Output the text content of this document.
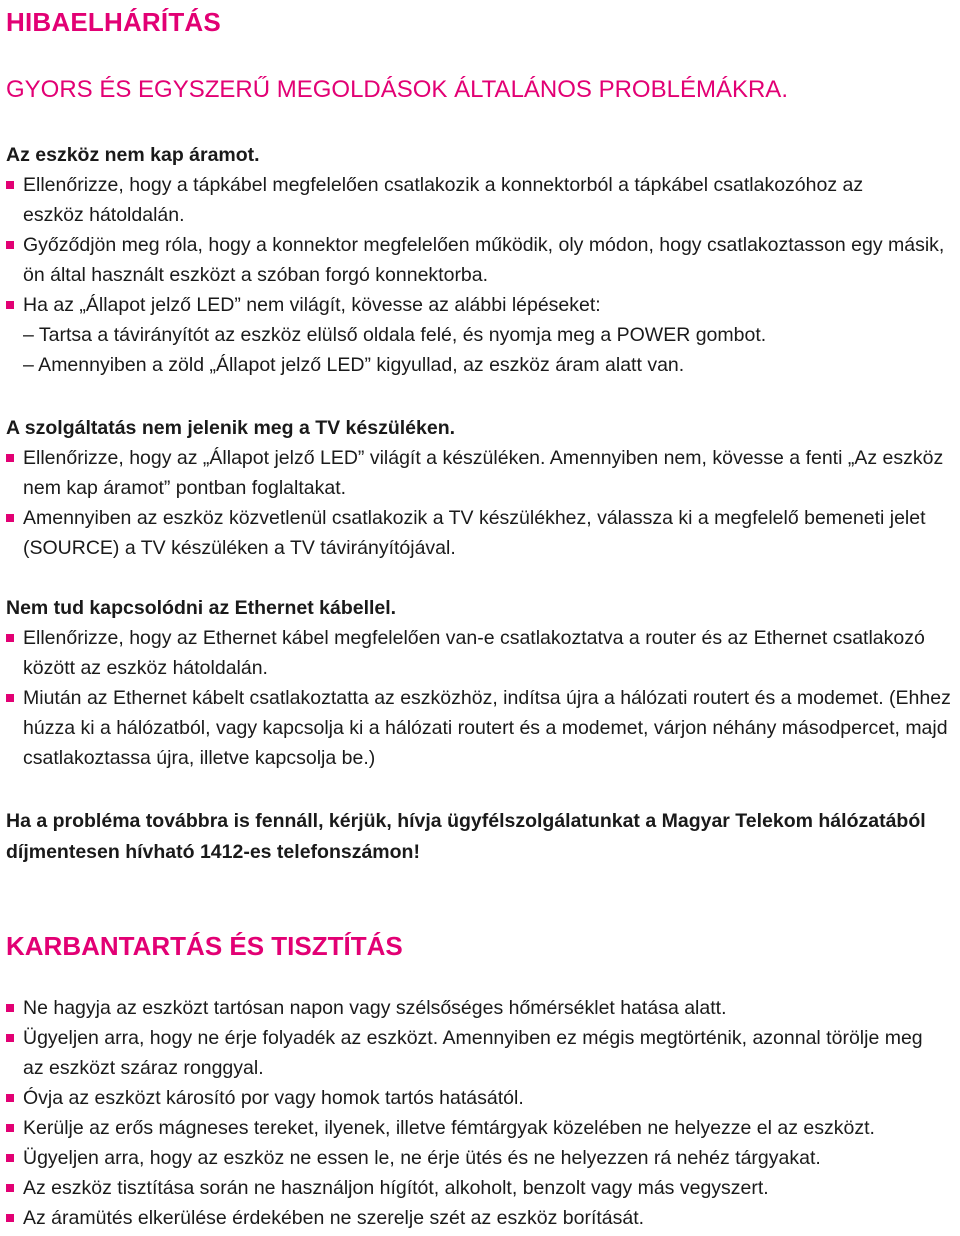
HIBAELHÁRÍTÁS
GYORS ÉS EGYSZERŰ MEGOLDÁSOK ÁLTALÁNOS PROBLÉMÁKRA.
Az eszköz nem kap áramot.
Ellenőrizze, hogy a tápkábel megfelelően csatlakozik a konnektorból a tápkábel csatlakozóhoz az eszköz hátoldalán.
Győződjön meg róla, hogy a konnektor megfelelően működik, oly módon, hogy csatlakoztasson egy másik, ön által használt eszközt a szóban forgó konnektorba.
Ha az „Állapot jelző LED” nem világít, kövesse az alábbi lépéseket:
– Tartsa a távirányítót az eszköz elülső oldala felé, és nyomja meg a POWER gombot.
– Amennyiben a zöld „Állapot jelző LED” kigyullad, az eszköz áram alatt van.
A szolgáltatás nem jelenik meg a TV készüléken.
Ellenőrizze, hogy az „Állapot jelző LED” világít a készüléken. Amennyiben nem, kövesse a fenti „Az eszköz nem kap áramot” pontban foglaltakat.
Amennyiben az eszköz közvetlenül csatlakozik a TV készülékhez, válassza ki a megfelelő bemeneti jelet (SOURCE) a TV készüléken a TV távirányítójával.
Nem tud kapcsolódni az Ethernet kábellel.
Ellenőrizze, hogy az Ethernet kábel megfelelően van-e csatlakoztatva a router és az Ethernet csatlakozó között az eszköz hátoldalán.
Miután az Ethernet kábelt csatlakoztatta az eszközhöz, indítsa újra a hálózati routert és a modemet. (Ehhez húzza ki a hálózatból, vagy kapcsolja ki a hálózati routert és a modemet, várjon néhány másodpercet, majd csatlakoztassa újra, illetve kapcsolja be.)
Ha a probléma továbbra is fennáll, kérjük, hívja ügyfélszolgálatunkat a Magyar Telekom hálózatából díjmentesen hívható 1412-es telefonszámon!
KARBANTARTÁS ÉS TISZTÍTÁS
Ne hagyja az eszközt tartósan napon vagy szélsőséges hőmérséklet hatása alatt.
Ügyeljen arra, hogy ne érje folyadék az eszközt. Amennyiben ez mégis megtörténik, azonnal törölje meg az eszközt száraz ronggyal.
Óvja az eszközt károsító por vagy homok tartós hatásától.
Kerülje az erős mágneses tereket, ilyenek, illetve fémtárgyak közelében ne helyezze el az eszközt.
Ügyeljen arra, hogy az eszköz ne essen le, ne érje ütés és ne helyezzen rá nehéz tárgyakat.
Az eszköz tisztítása során ne használjon hígítót, alkoholt, benzolt vagy más vegyszert.
Az áramütés elkerülése érdekében ne szerelje szét az eszköz borítását.
